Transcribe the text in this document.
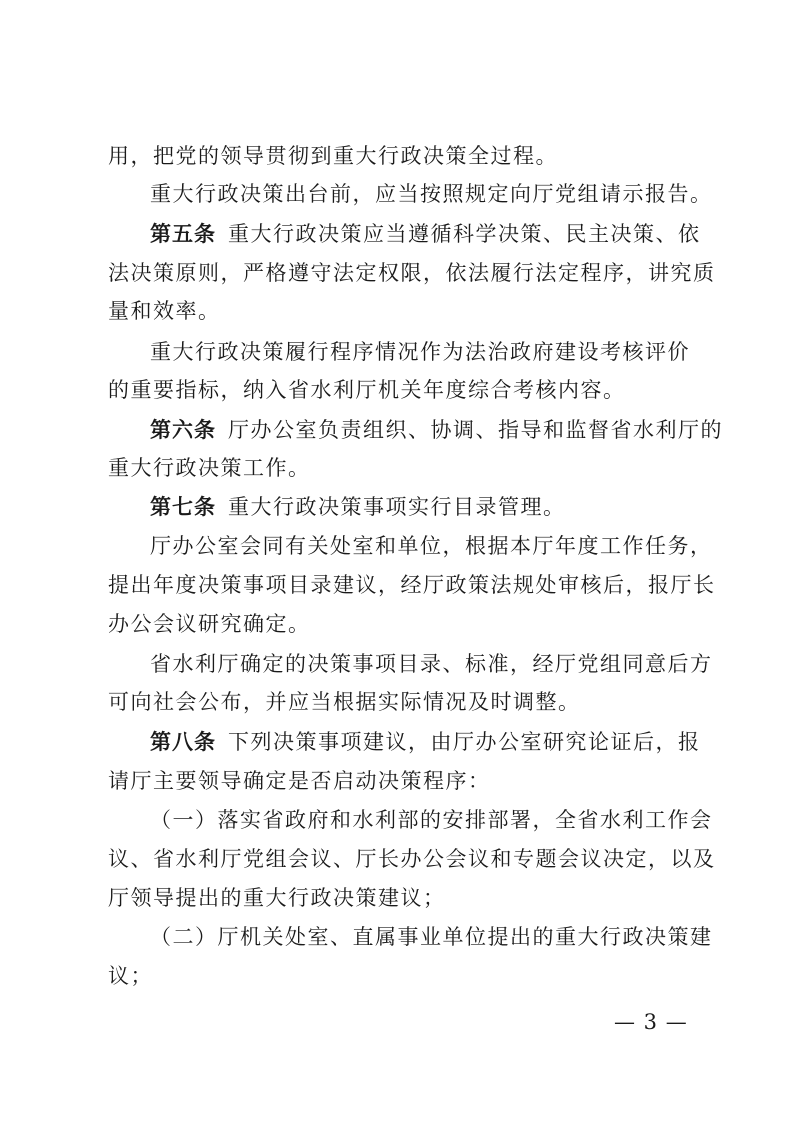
用，把党的领导贯彻到重大行政决策全过程。
重大行政决策出台前，应当按照规定向厅党组请示报告。
第五条 重大行政决策应当遵循科学决策、民主决策、依
法决策原则，严格遵守法定权限，依法履行法定程序，讲究质
量和效率。
重大行政决策履行程序情况作为法治政府建设考核评价
的重要指标，纳入省水利厅机关年度综合考核内容。
第六条 厅办公室负责组织、协调、指导和监督省水利厅的
重大行政决策工作。
第七条 重大行政决策事项实行目录管理。
厅办公室会同有关处室和单位，根据本厅年度工作任务，
提出年度决策事项目录建议，经厅政策法规处审核后，报厅长
办公会议研究确定。
省水利厅确定的决策事项目录、标准，经厅党组同意后方
可向社会公布，并应当根据实际情况及时调整。
第八条 下列决策事项建议，由厅办公室研究论证后，报
请厅主要领导确定是否启动决策程序：
（一）落实省政府和水利部的安排部署，全省水利工作会
议、省水利厅党组会议、厅长办公会议和专题会议决定，以及
厅领导提出的重大行政决策建议；
（二）厅机关处室、直属事业单位提出的重大行政决策建
议；
— 3 —
